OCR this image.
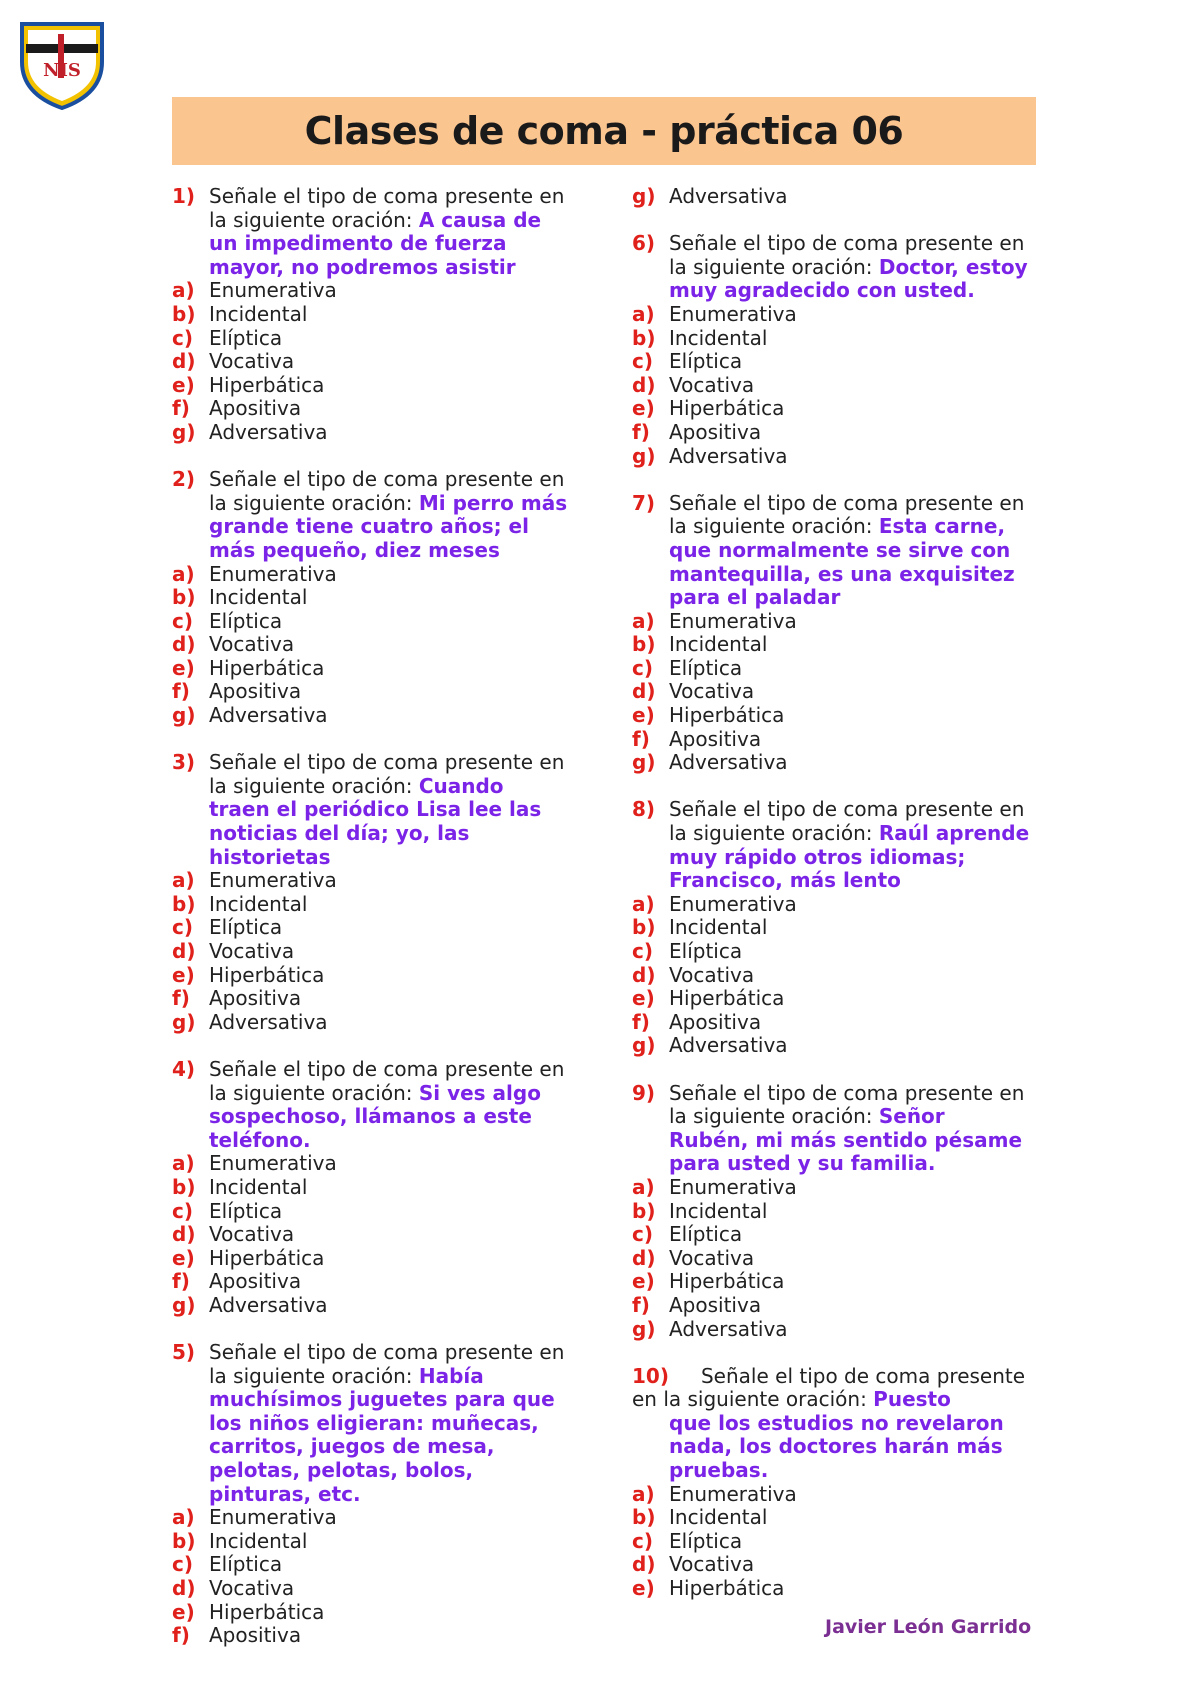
NIS
Clases de coma - práctica 06
1) Señale el tipo de coma presente en
la siguiente oración: A causa de
un impedimento de fuerza
mayor, no podremos asistir
a) Enumerativa
b) Incidental
c) Elíptica
d) Vocativa
e) Hiperbática
f) Apositiva
g) Adversativa
2) Señale el tipo de coma presente en
la siguiente oración: Mi perro más
grande tiene cuatro años; el
más pequeño, diez meses
a) Enumerativa
b) Incidental
c) Elíptica
d) Vocativa
e) Hiperbática
f) Apositiva
g) Adversativa
3) Señale el tipo de coma presente en
la siguiente oración: Cuando
traen el periódico Lisa lee las
noticias del día; yo, las
historietas
a) Enumerativa
b) Incidental
c) Elíptica
d) Vocativa
e) Hiperbática
f) Apositiva
g) Adversativa
4) Señale el tipo de coma presente en
la siguiente oración: Si ves algo
sospechoso, llámanos a este
teléfono.
a) Enumerativa
b) Incidental
c) Elíptica
d) Vocativa
e) Hiperbática
f) Apositiva
g) Adversativa
5) Señale el tipo de coma presente en
la siguiente oración: Había
muchísimos juguetes para que
los niños eligieran: muñecas,
carritos, juegos de mesa,
pelotas, pelotas, bolos,
pinturas, etc.
a) Enumerativa
b) Incidental
c) Elíptica
d) Vocativa
e) Hiperbática
f) Apositiva
g) Adversativa
6) Señale el tipo de coma presente en
la siguiente oración: Doctor, estoy
muy agradecido con usted.
a) Enumerativa
b) Incidental
c) Elíptica
d) Vocativa
e) Hiperbática
f) Apositiva
g) Adversativa
7) Señale el tipo de coma presente en
la siguiente oración: Esta carne,
que normalmente se sirve con
mantequilla, es una exquisitez
para el paladar
a) Enumerativa
b) Incidental
c) Elíptica
d) Vocativa
e) Hiperbática
f) Apositiva
g) Adversativa
8) Señale el tipo de coma presente en
la siguiente oración: Raúl aprende
muy rápido otros idiomas;
Francisco, más lento
a) Enumerativa
b) Incidental
c) Elíptica
d) Vocativa
e) Hiperbática
f) Apositiva
g) Adversativa
9) Señale el tipo de coma presente en
la siguiente oración: Señor
Rubén, mi más sentido pésame
para usted y su familia.
a) Enumerativa
b) Incidental
c) Elíptica
d) Vocativa
e) Hiperbática
f) Apositiva
g) Adversativa
10) Señale el tipo de coma presente
en la siguiente oración: Puesto
que los estudios no revelaron
nada, los doctores harán más
pruebas.
a) Enumerativa
b) Incidental
c) Elíptica
d) Vocativa
e) Hiperbática
Javier León Garrido
